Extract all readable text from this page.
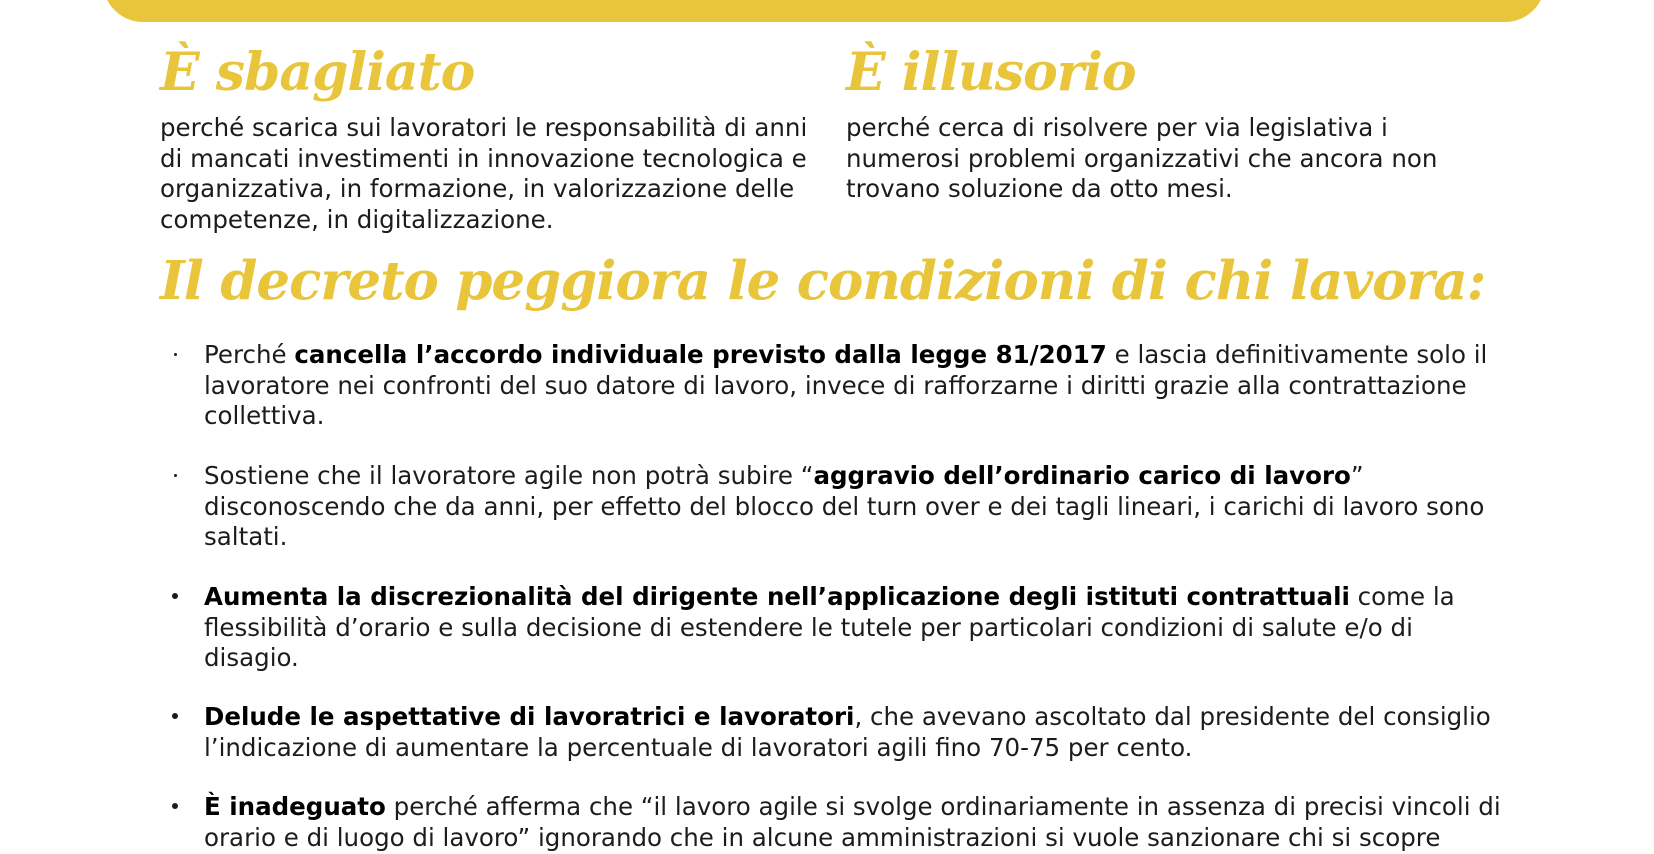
È sbagliato

perché scarica sui lavoratori le responsabilità di anni di mancati investimenti in innovazione tecnologica e organizzativa, in formazione, in valorizzazione delle competenze, in digitalizzazione.

È illusorio

perché cerca di risolvere per via legislativa i numerosi problemi organizzativi che ancora non trovano soluzione da otto mesi.

Il decreto peggiora le condizioni di chi lavora:
Perché cancella l’accordo individuale previsto dalla legge 81/2017 e lascia definitivamente solo il lavoratore nei confronti del suo datore di lavoro, invece di rafforzarne i diritti grazie alla contrattazione collettiva.
Sostiene che il lavoratore agile non potrà subire “aggravio dell’ordinario carico di lavoro” disconoscendo che da anni, per effetto del blocco del turn over e dei tagli lineari, i carichi di lavoro sono saltati.
Aumenta la discrezionalità del dirigente nell’applicazione degli istituti contrattuali come la flessibilità d’orario e sulla decisione di estendere le tutele per particolari condizioni di salute e/o di disagio.
Delude le aspettative di lavoratrici e lavoratori, che avevano ascoltato dal presidente del consiglio l’indicazione di aumentare la percentuale di lavoratori agili fino 70-75 per cento.
È inadeguato perché afferma che “il lavoro agile si svolge ordinariamente in assenza di precisi vincoli di orario e di luogo di lavoro” ignorando che in alcune amministrazioni si vuole sanzionare chi si scopre
